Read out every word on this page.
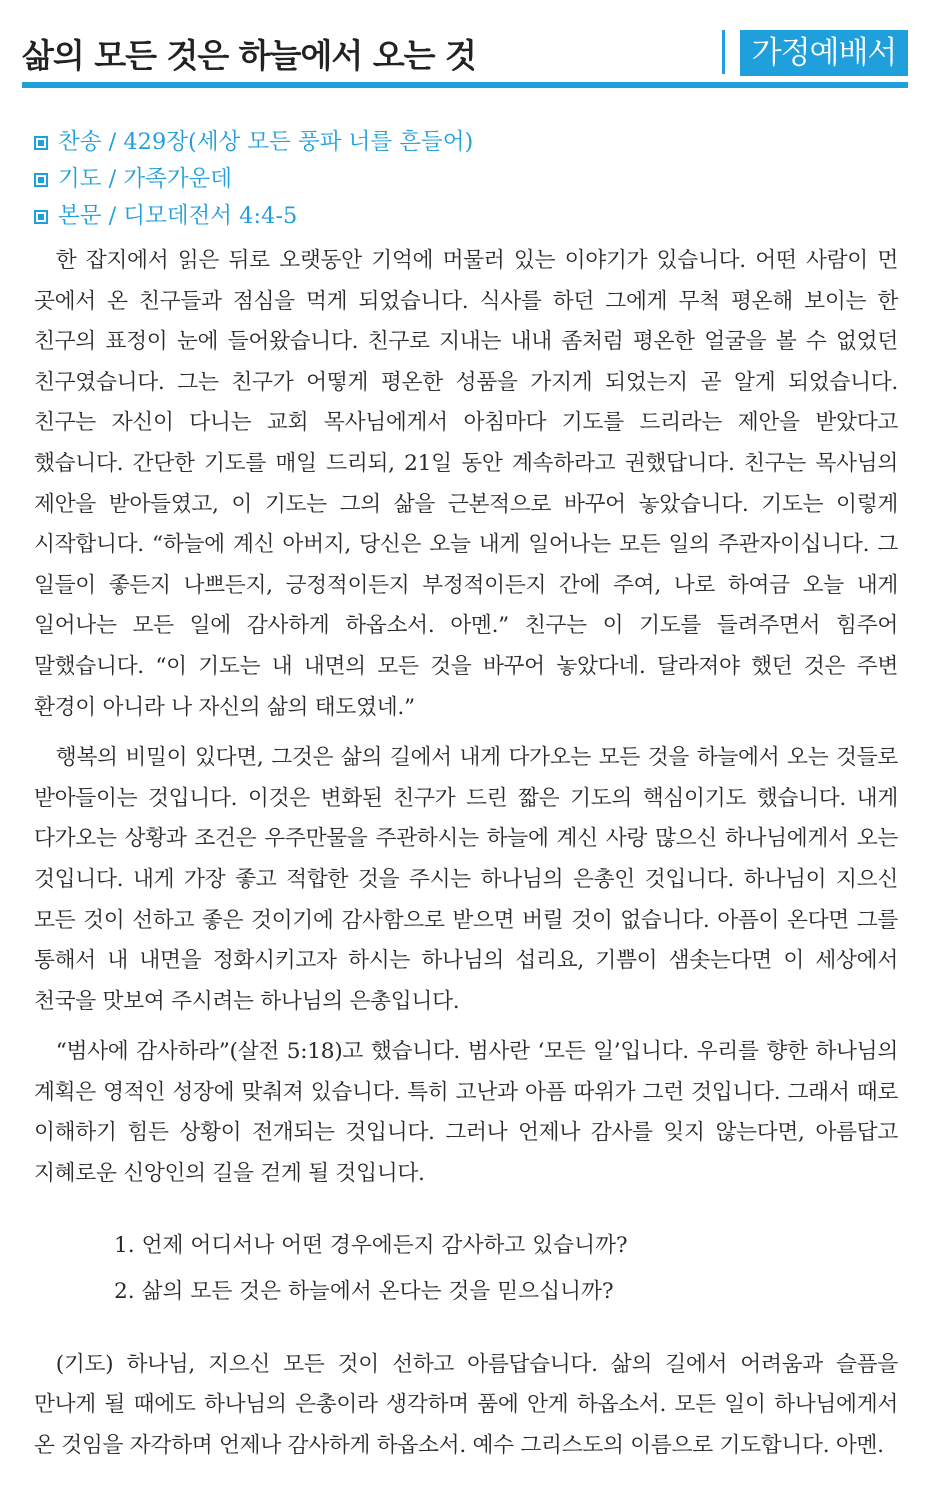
삶의 모든 것은 하늘에서 오는 것	가정예배서
찬송 / 429장(세상 모든 풍파 너를 흔들어)
기도 / 가족가운데
본문 / 디모데전서 4:4-5

한 잡지에서 읽은 뒤로 오랫동안 기억에 머물러 있는 이야기가 있습니다. 어떤 사람이 먼 곳에서 온 친구들과 점심을 먹게 되었습니다. 식사를 하던 그에게 무척 평온해 보이는 한 친구의 표정이 눈에 들어왔습니다. 친구로 지내는 내내 좀처럼 평온한 얼굴을 볼 수 없었던 친구였습니다. 그는 친구가 어떻게 평온한 성품을 가지게 되었는지 곧 알게 되었습니다. 친구는 자신이 다니는 교회 목사님에게서 아침마다 기도를 드리라는 제안을 받았다고 했습니다. 간단한 기도를 매일 드리되, 21일 동안 계속하라고 권했답니다. 친구는 목사님의 제안을 받아들였고, 이 기도는 그의 삶을 근본적으로 바꾸어 놓았습니다. 기도는 이렇게 시작합니다. “하늘에 계신 아버지, 당신은 오늘 내게 일어나는 모든 일의 주관자이십니다. 그 일들이 좋든지 나쁘든지, 긍정적이든지 부정적이든지 간에 주여, 나로 하여금 오늘 내게 일어나는 모든 일에 감사하게 하옵소서. 아멘.” 친구는 이 기도를 들려주면서 힘주어 말했습니다. “이 기도는 내 내면의 모든 것을 바꾸어 놓았다네. 달라져야 했던 것은 주변 환경이 아니라 나 자신의 삶의 태도였네.”

행복의 비밀이 있다면, 그것은 삶의 길에서 내게 다가오는 모든 것을 하늘에서 오는 것들로 받아들이는 것입니다. 이것은 변화된 친구가 드린 짧은 기도의 핵심이기도 했습니다. 내게 다가오는 상황과 조건은 우주만물을 주관하시는 하늘에 계신 사랑 많으신 하나님에게서 오는 것입니다. 내게 가장 좋고 적합한 것을 주시는 하나님의 은총인 것입니다. 하나님이 지으신 모든 것이 선하고 좋은 것이기에 감사함으로 받으면 버릴 것이 없습니다. 아픔이 온다면 그를 통해서 내 내면을 정화시키고자 하시는 하나님의 섭리요, 기쁨이 샘솟는다면 이 세상에서 천국을 맛보여 주시려는 하나님의 은총입니다.

“범사에 감사하라”(살전 5:18)고 했습니다. 범사란 ‘모든 일’입니다. 우리를 향한 하나님의 계획은 영적인 성장에 맞춰져 있습니다. 특히 고난과 아픔 따위가 그런 것입니다. 그래서 때로 이해하기 힘든 상황이 전개되는 것입니다. 그러나 언제나 감사를 잊지 않는다면, 아름답고 지혜로운 신앙인의 길을 걷게 될 것입니다.

1. 언제 어디서나 어떤 경우에든지 감사하고 있습니까?
2. 삶의 모든 것은 하늘에서 온다는 것을 믿으십니까?

(기도) 하나님, 지으신 모든 것이 선하고 아름답습니다. 삶의 길에서 어려움과 슬픔을 만나게 될 때에도 하나님의 은총이라 생각하며 품에 안게 하옵소서. 모든 일이 하나님에게서 온 것임을 자각하며 언제나 감사하게 하옵소서. 예수 그리스도의 이름으로 기도합니다. 아멘.
